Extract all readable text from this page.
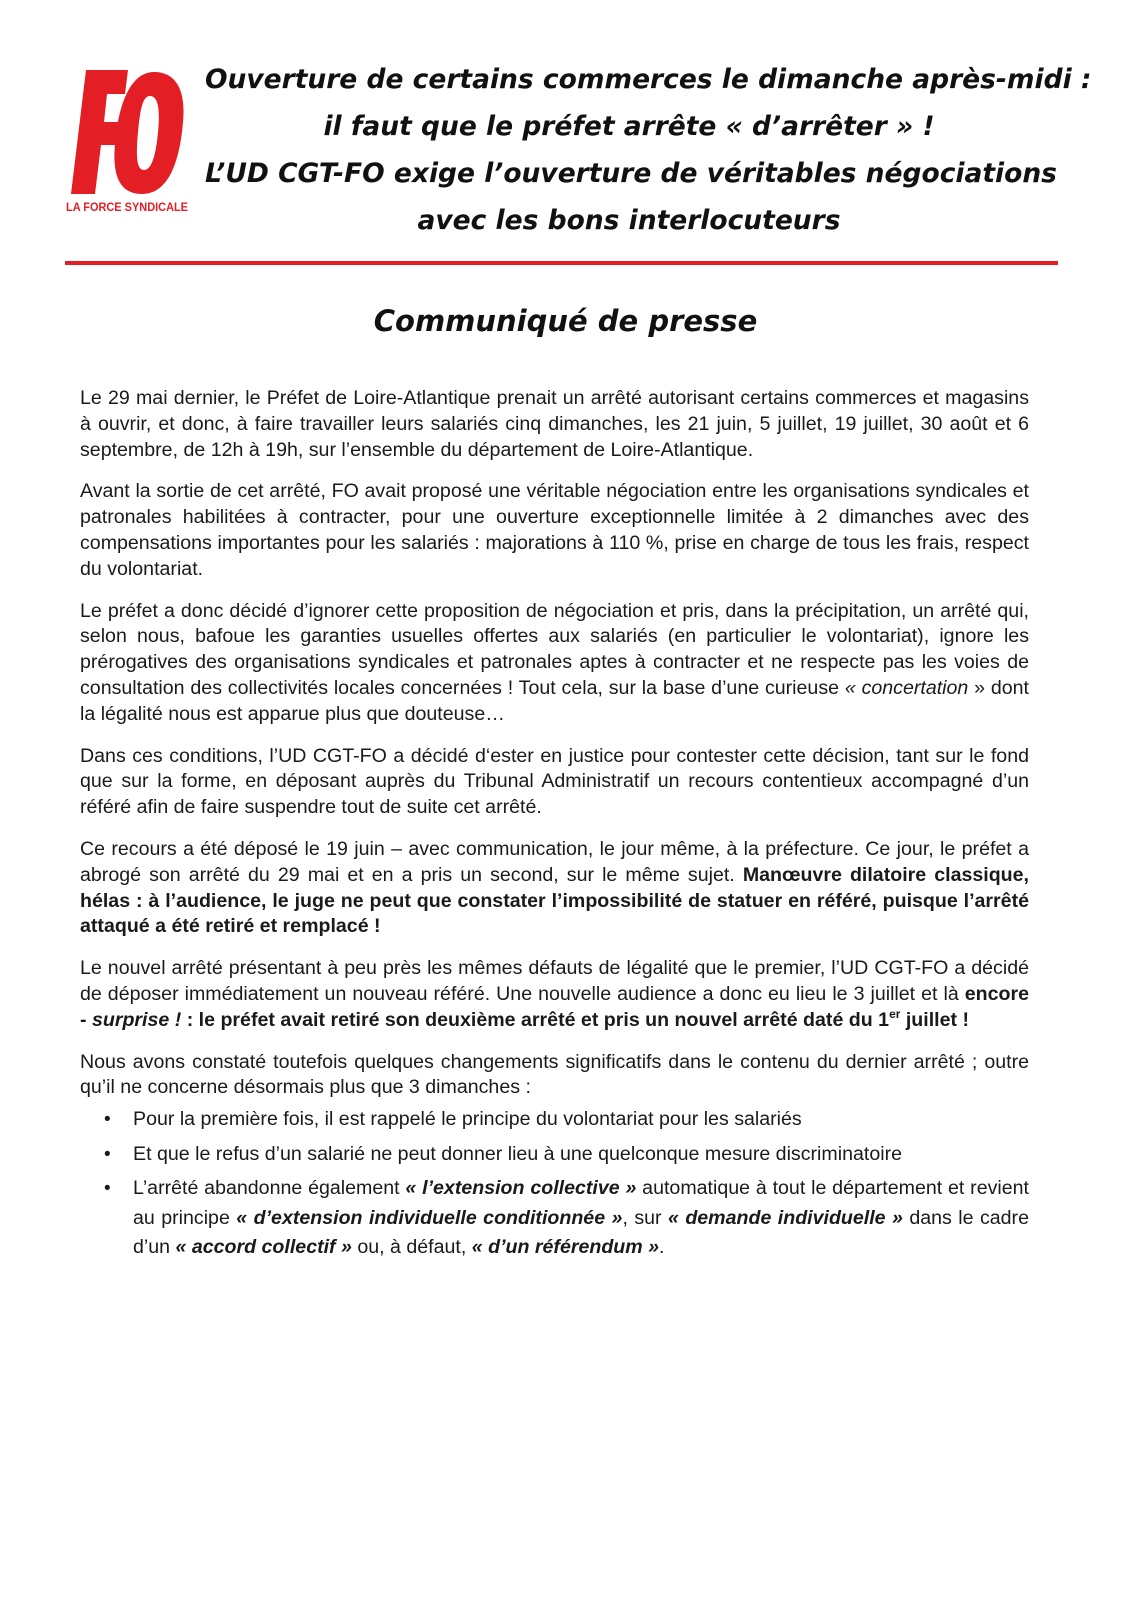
LA FORCE SYNDICALE
Ouverture de certains commerces le dimanche après-midi :
il faut que le préfet arrête « d’arrêter » !
L’UD CGT-FO exige l’ouverture de véritables négociations
avec les bons interlocuteurs
Communiqué de presse

Le 29 mai dernier, le Préfet de Loire-Atlantique prenait un arrêté autorisant certains commerces et magasins à ouvrir, et donc, à faire travailler leurs salariés cinq dimanches, les 21 juin, 5 juillet, 19 juillet, 30 août et 6 septembre, de 12h à 19h, sur l’ensemble du département de Loire-Atlantique.

Avant la sortie de cet arrêté, FO avait proposé une véritable négociation entre les organisations syndicales et patronales habilitées à contracter, pour une ouverture exceptionnelle limitée à 2 dimanches avec des compensations importantes pour les salariés : majorations à 110 %, prise en charge de tous les frais, respect du volontariat.

Le préfet a donc décidé d’ignorer cette proposition de négociation et pris, dans la précipitation, un arrêté qui, selon nous, bafoue les garanties usuelles offertes aux salariés (en particulier le volontariat), ignore les prérogatives des organisations syndicales et patronales aptes à contracter et ne respecte pas les voies de consultation des collectivités locales concernées ! Tout cela, sur la base d’une curieuse « concertation » dont la légalité nous est apparue plus que douteuse…

Dans ces conditions, l’UD CGT-FO a décidé d‘ester en justice pour contester cette décision, tant sur le fond que sur la forme, en déposant auprès du Tribunal Administratif un recours contentieux accompagné d’un référé afin de faire suspendre tout de suite cet arrêté.

Ce recours a été déposé le 19 juin – avec communication, le jour même, à la préfecture. Ce jour, le préfet a abrogé son arrêté du 29 mai et en a pris un second, sur le même sujet. Manœuvre dilatoire classique, hélas : à l’audience, le juge ne peut que constater l’impossibilité de statuer en référé, puisque l’arrêté attaqué a été retiré et remplacé !

Le nouvel arrêté présentant à peu près les mêmes défauts de légalité que le premier, l’UD CGT-FO a décidé de déposer immédiatement un nouveau référé. Une nouvelle audience a donc eu lieu le 3 juillet et là encore - surprise ! : le préfet avait retiré son deuxième arrêté et pris un nouvel arrêté daté du 1er juillet !

Nous avons constaté toutefois quelques changements significatifs dans le contenu du dernier arrêté ; outre qu’il ne concerne désormais plus que 3 dimanches :

• Pour la première fois, il est rappelé le principe du volontariat pour les salariés
• Et que le refus d’un salarié ne peut donner lieu à une quelconque mesure discriminatoire
• L’arrêté abandonne également « l’extension collective » automatique à tout le département et revient au principe « d’extension individuelle conditionnée », sur « demande individuelle » dans le cadre d’un « accord collectif » ou, à défaut, « d’un référendum ».
